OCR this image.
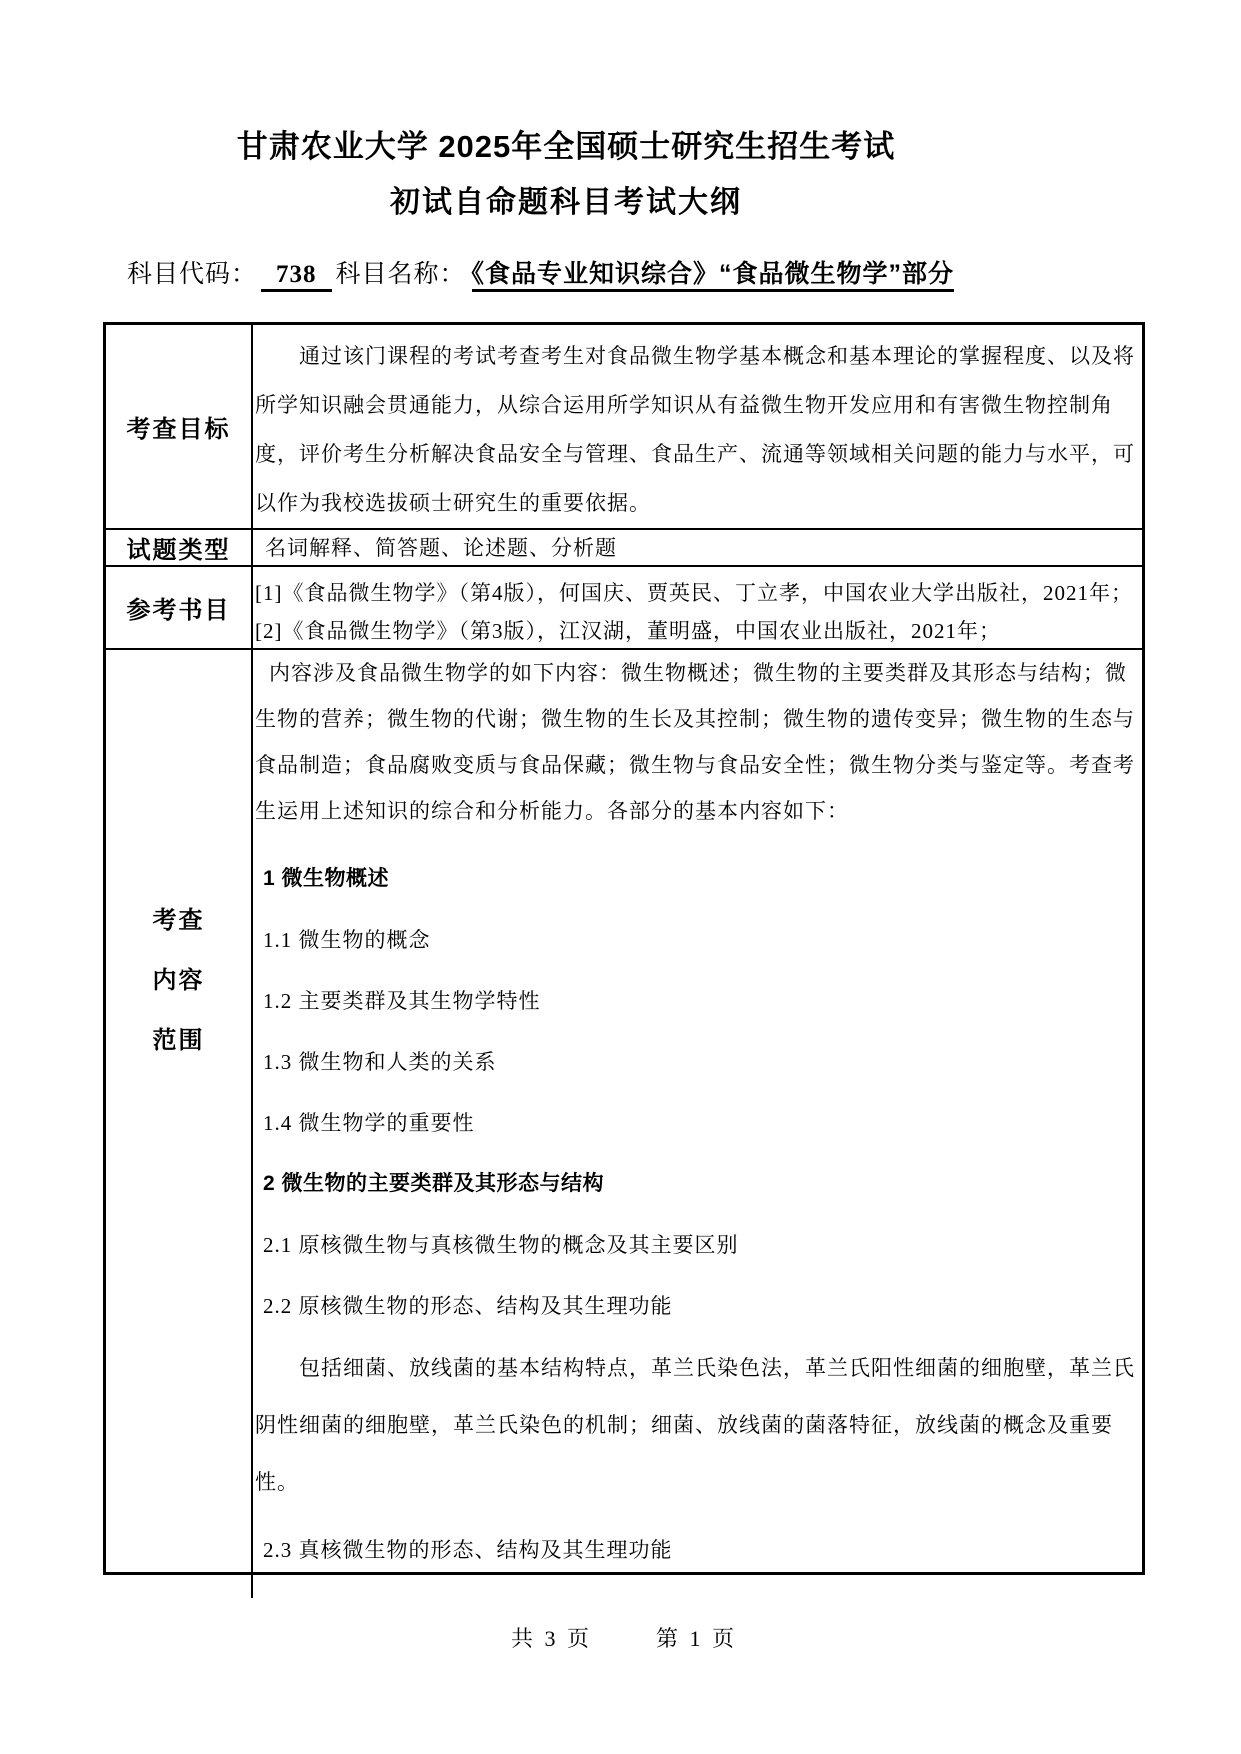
甘肃农业大学 2025年全国硕士研究生招生考试
初试自命题科目考试大纲
科目代码： 738 科目名称： 《食品专业知识综合》“食品微生物学”部分
考查目标
通过该门课程的考试考查考生对食品微生物学基本概念和基本理论的掌握程度、以及将所学知识融会贯通能力，从综合运用所学知识从有益微生物开发应用和有害微生物控制角度，评价考生分析解决食品安全与管理、食品生产、流通等领域相关问题的能力与水平，可以作为我校选拔硕士研究生的重要依据。
试题类型	名词解释、简答题、论述题、分析题
参考书目
[1]《食品微生物学》（第4版），何国庆、贾英民、丁立孝，中国农业大学出版社，2021年；
[2]《食品微生物学》（第3版），江汉湖，董明盛，中国农业出版社，2021年；
考查
内容
范围
内容涉及食品微生物学的如下内容：微生物概述；微生物的主要类群及其形态与结构；微生物的营养；微生物的代谢；微生物的生长及其控制；微生物的遗传变异；微生物的生态与食品制造；食品腐败变质与食品保藏；微生物与食品安全性；微生物分类与鉴定等。考查考生运用上述知识的综合和分析能力。各部分的基本内容如下：
1 微生物概述
1.1 微生物的概念
1.2 主要类群及其生物学特性
1.3 微生物和人类的关系
1.4 微生物学的重要性
2 微生物的主要类群及其形态与结构
2.1 原核微生物与真核微生物的概念及其主要区别
2.2 原核微生物的形态、结构及其生理功能
包括细菌、放线菌的基本结构特点，革兰氏染色法，革兰氏阳性细菌的细胞壁，革兰氏阴性细菌的细胞壁，革兰氏染色的机制；细菌、放线菌的菌落特征，放线菌的概念及重要性。
2.3 真核微生物的形态、结构及其生理功能
共 3 页	第 1 页
